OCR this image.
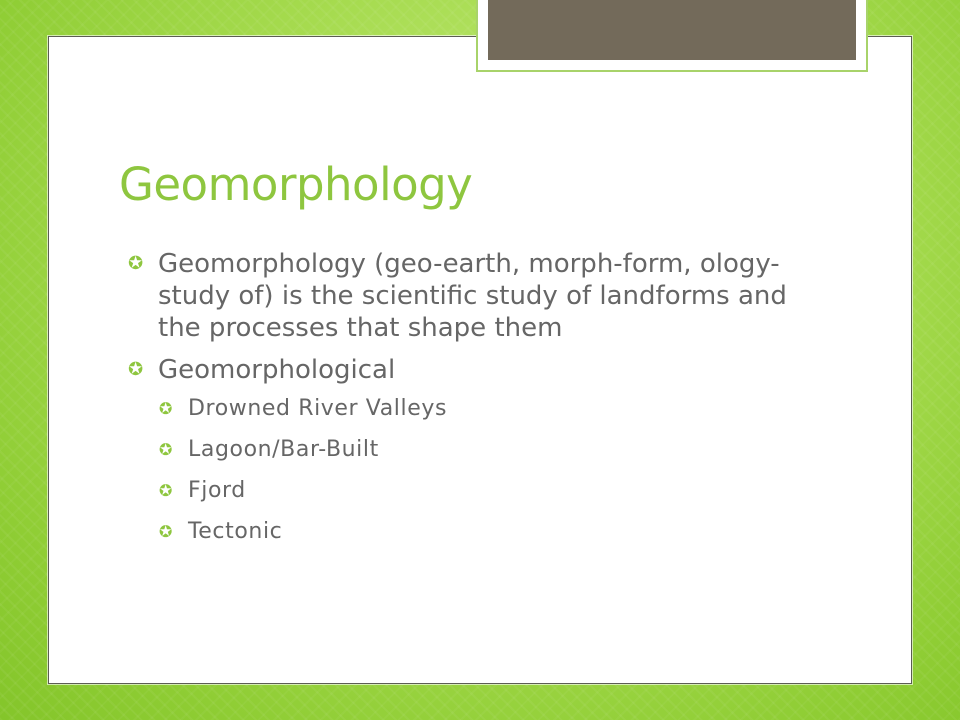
Geomorphology
✪ Geomorphology (geo-earth, morph-form, ology-study of) is the scientific study of landforms and the processes that shape them
✪ Geomorphological
✪ Drowned River Valleys
✪ Lagoon/Bar-Built
✪ Fjord
✪ Tectonic
